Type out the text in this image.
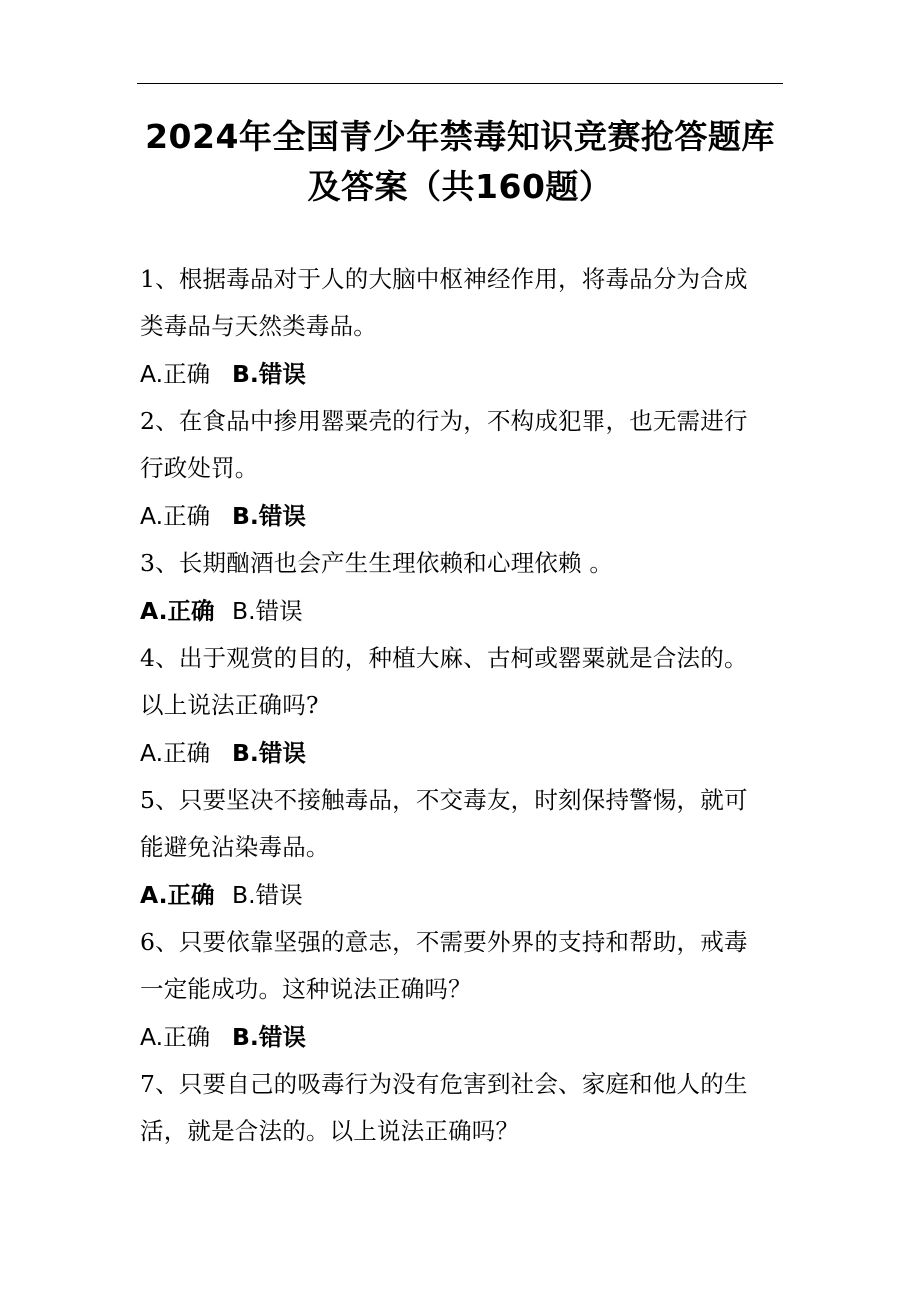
2024年全国青少年禁毒知识竞赛抢答题库
及答案（共160题）

1、根据毒品对于人的大脑中枢神经作用，将毒品分为合成
类毒品与天然类毒品。

A.正确 B.错误

2、在食品中掺用罂粟壳的行为，不构成犯罪，也无需进行
行政处罚。

A.正确 B.错误

3、长期酗酒也会产生生理依赖和心理依赖 。

A.正确 B.错误

4、出于观赏的目的，种植大麻、古柯或罂粟就是合法的。
以上说法正确吗?

A.正确 B.错误

5、只要坚决不接触毒品，不交毒友，时刻保持警惕，就可
能避免沾染毒品。

A.正确 B.错误

6、只要依靠坚强的意志，不需要外界的支持和帮助，戒毒
一定能成功。这种说法正确吗？

A.正确 B.错误

7、只要自己的吸毒行为没有危害到社会、家庭和他人的生
活，就是合法的。以上说法正确吗？
